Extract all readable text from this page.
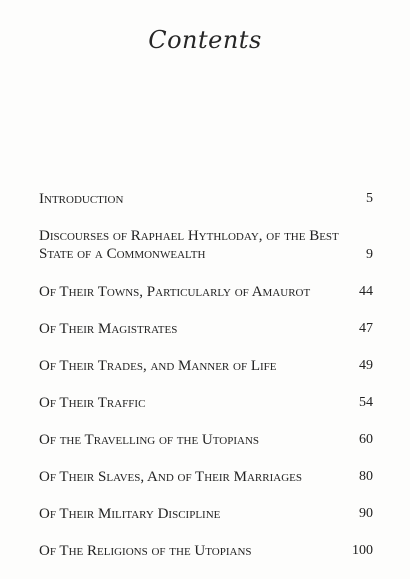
Contents
Introduction	5
Discourses of Raphael Hythloday, of the Best State of a Commonwealth	9
Of Their Towns, Particularly of Amaurot	44
Of Their Magistrates	47
Of Their Trades, and Manner of Life	49
Of Their Traffic	54
Of the Travelling of the Utopians	60
Of Their Slaves, And of Their Marriages	80
Of Their Military Discipline	90
Of The Religions of the Utopians	100
